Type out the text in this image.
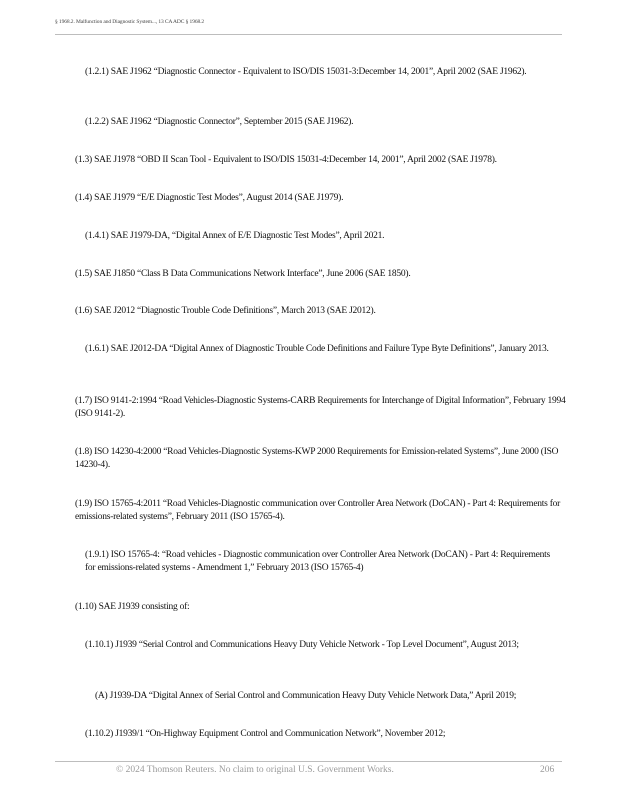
§ 1968.2. Malfunction and Diagnostic System..., 13 CA ADC § 1968.2

(1.2.1) SAE J1962 “Diagnostic Connector - Equivalent to ISO/DIS 15031-3:December 14, 2001”, April 2002 (SAE J1962).

(1.2.2) SAE J1962 “Diagnostic Connector”, September 2015 (SAE J1962).

(1.3) SAE J1978 “OBD II Scan Tool - Equivalent to ISO/DIS 15031-4:December 14, 2001”, April 2002 (SAE J1978).

(1.4) SAE J1979 “E/E Diagnostic Test Modes”, August 2014 (SAE J1979).

(1.4.1) SAE J1979-DA, “Digital Annex of E/E Diagnostic Test Modes”, April 2021.

(1.5) SAE J1850 “Class B Data Communications Network Interface”, June 2006 (SAE 1850).

(1.6) SAE J2012 “Diagnostic Trouble Code Definitions”, March 2013 (SAE J2012).

(1.6.1) SAE J2012-DA “Digital Annex of Diagnostic Trouble Code Definitions and Failure Type Byte Definitions”, January 2013.

(1.7) ISO 9141-2:1994 “Road Vehicles-Diagnostic Systems-CARB Requirements for Interchange of Digital Information”, February 1994 (ISO 9141-2).

(1.8) ISO 14230-4:2000 “Road Vehicles-Diagnostic Systems-KWP 2000 Requirements for Emission-related Systems”, June 2000 (ISO 14230-4).

(1.9) ISO 15765-4:2011 “Road Vehicles-Diagnostic communication over Controller Area Network (DoCAN) - Part 4: Requirements for emissions-related systems”, February 2011 (ISO 15765-4).

(1.9.1) ISO 15765-4: “Road vehicles - Diagnostic communication over Controller Area Network (DoCAN) - Part 4: Requirements for emissions-related systems - Amendment 1,” February 2013 (ISO 15765-4)

(1.10) SAE J1939 consisting of:

(1.10.1) J1939 “Serial Control and Communications Heavy Duty Vehicle Network - Top Level Document”, August 2013;

(A) J1939-DA “Digital Annex of Serial Control and Communication Heavy Duty Vehicle Network Data,” April 2019;

(1.10.2) J1939/1 “On-Highway Equipment Control and Communication Network”, November 2012;

© 2024 Thomson Reuters. No claim to original U.S. Government Works.	206
